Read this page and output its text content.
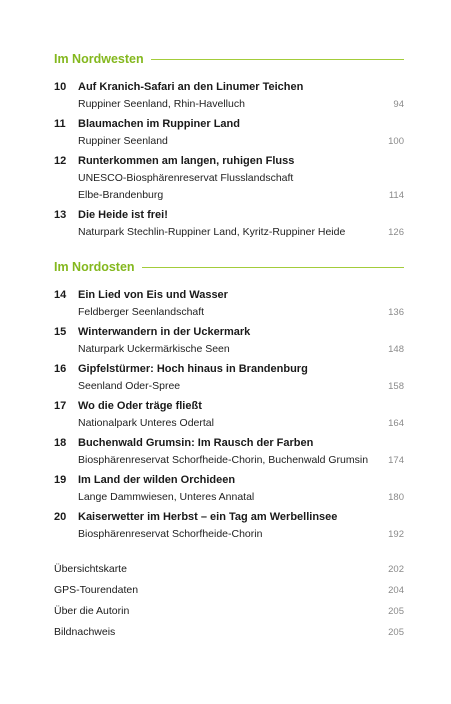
Im Nordwesten
10 Auf Kranich-Safari an den Linumer Teichen
Ruppiner Seenland, Rhin-Havelluch	94
11 Blaumachen im Ruppiner Land
Ruppiner Seenland	100
12 Runterkommen am langen, ruhigen Fluss
UNESCO-Biosphärenreservat Flusslandschaft
Elbe-Brandenburg	114
13 Die Heide ist frei!
Naturpark Stechlin-Ruppiner Land, Kyritz-Ruppiner Heide	126
Im Nordosten
14 Ein Lied von Eis und Wasser
Feldberger Seenlandschaft	136
15 Winterwandern in der Uckermark
Naturpark Uckermärkische Seen	148
16 Gipfelstürmer: Hoch hinaus in Brandenburg
Seenland Oder-Spree	158
17 Wo die Oder träge fließt
Nationalpark Unteres Odertal	164
18 Buchenwald Grumsin: Im Rausch der Farben
Biosphärenreservat Schorfheide-Chorin, Buchenwald Grumsin	174
19 Im Land der wilden Orchideen
Lange Dammwiesen, Unteres Annatal	180
20 Kaiserwetter im Herbst – ein Tag am Werbellinsee
Biosphärenreservat Schorfheide-Chorin	192
Übersichtskarte	202
GPS-Tourendaten	204
Über die Autorin	205
Bildnachweis	205
